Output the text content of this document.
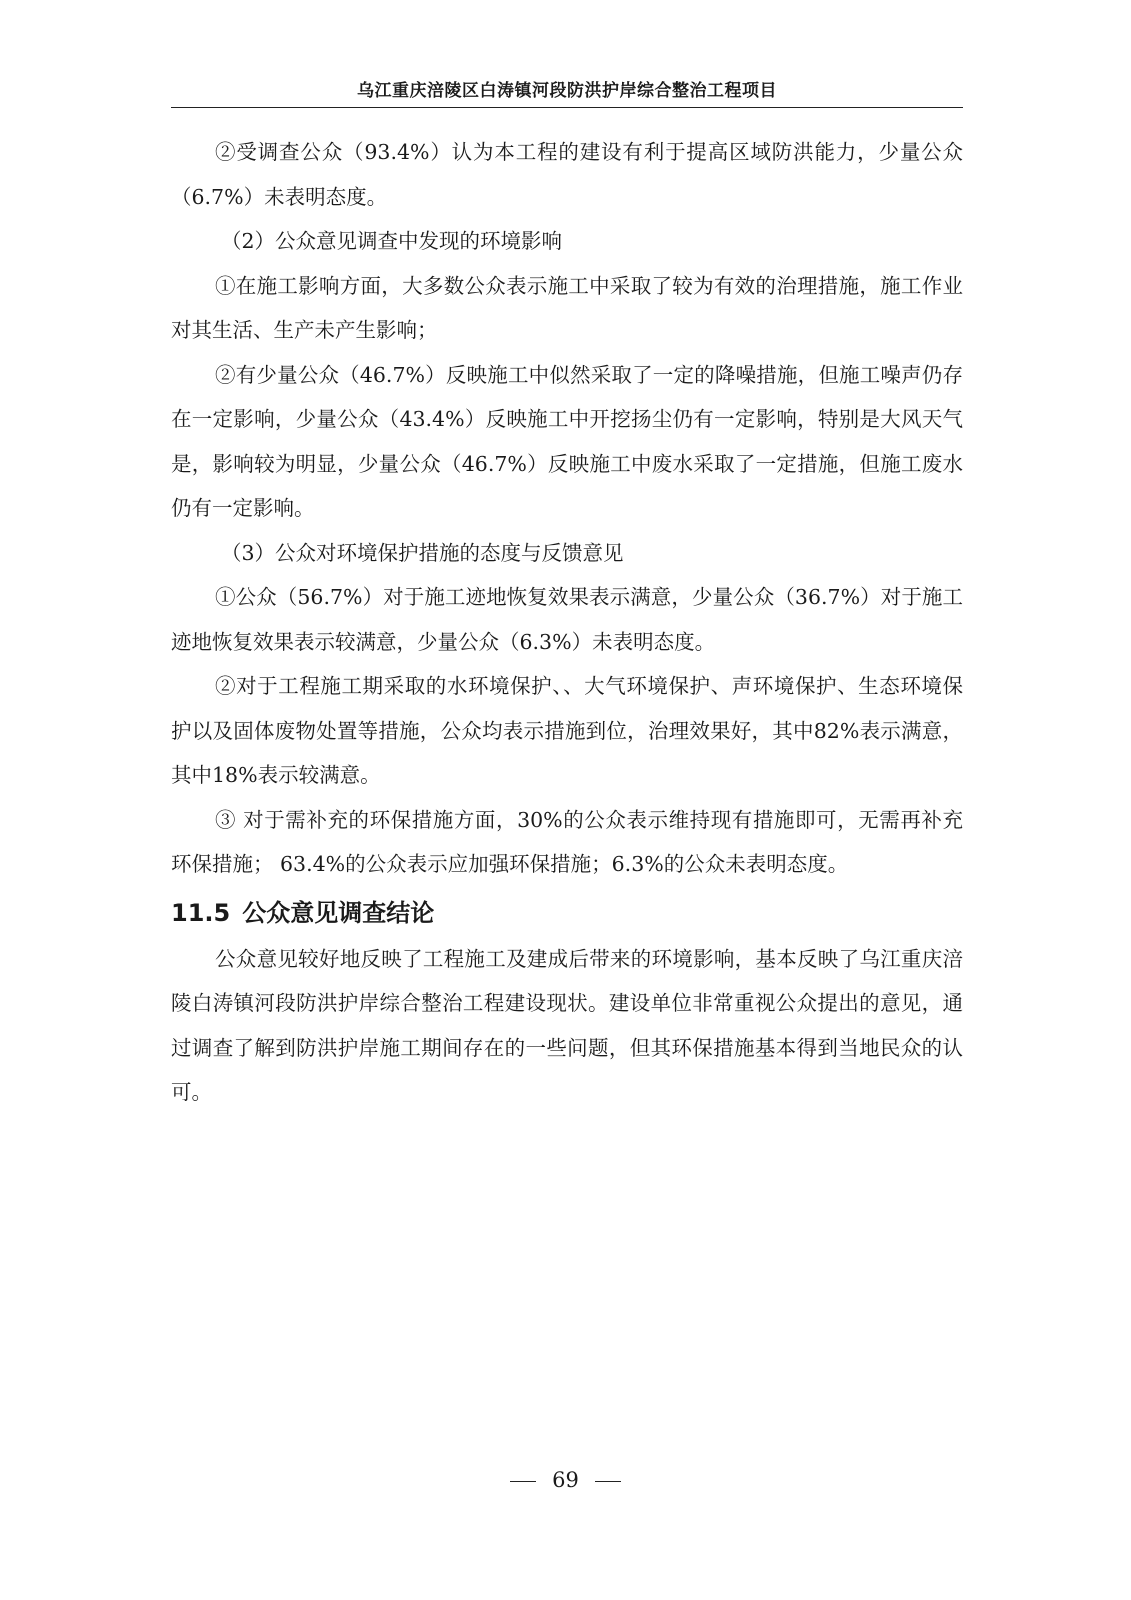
乌江重庆涪陵区白涛镇河段防洪护岸综合整治工程项目

②受调查公众（93.4%）认为本工程的建设有利于提高区域防洪能力，少量公众（6.7%）未表明态度。

（2）公众意见调查中发现的环境影响

①在施工影响方面，大多数公众表示施工中采取了较为有效的治理措施，施工作业对其生活、生产未产生影响；

②有少量公众（46.7%）反映施工中似然采取了一定的降噪措施，但施工噪声仍存在一定影响，少量公众（43.4%）反映施工中开挖扬尘仍有一定影响，特别是大风天气是，影响较为明显，少量公众（46.7%）反映施工中废水采取了一定措施，但施工废水仍有一定影响。

（3）公众对环境保护措施的态度与反馈意见

①公众（56.7%）对于施工迹地恢复效果表示满意，少量公众（36.7%）对于施工迹地恢复效果表示较满意，少量公众（6.3%）未表明态度。

②对于工程施工期采取的水环境保护、、大气环境保护、声环境保护、生态环境保护以及固体废物处置等措施，公众均表示措施到位，治理效果好，其中82%表示满意，其中18%表示较满意。

③ 对于需补充的环保措施方面，30%的公众表示维持现有措施即可，无需再补充环保措施； 63.4%的公众表示应加强环保措施；6.3%的公众未表明态度。

11.5 公众意见调查结论

公众意见较好地反映了工程施工及建成后带来的环境影响，基本反映了乌江重庆涪陵白涛镇河段防洪护岸综合整治工程建设现状。建设单位非常重视公众提出的意见，通过调查了解到防洪护岸施工期间存在的一些问题，但其环保措施基本得到当地民众的认可。

69
